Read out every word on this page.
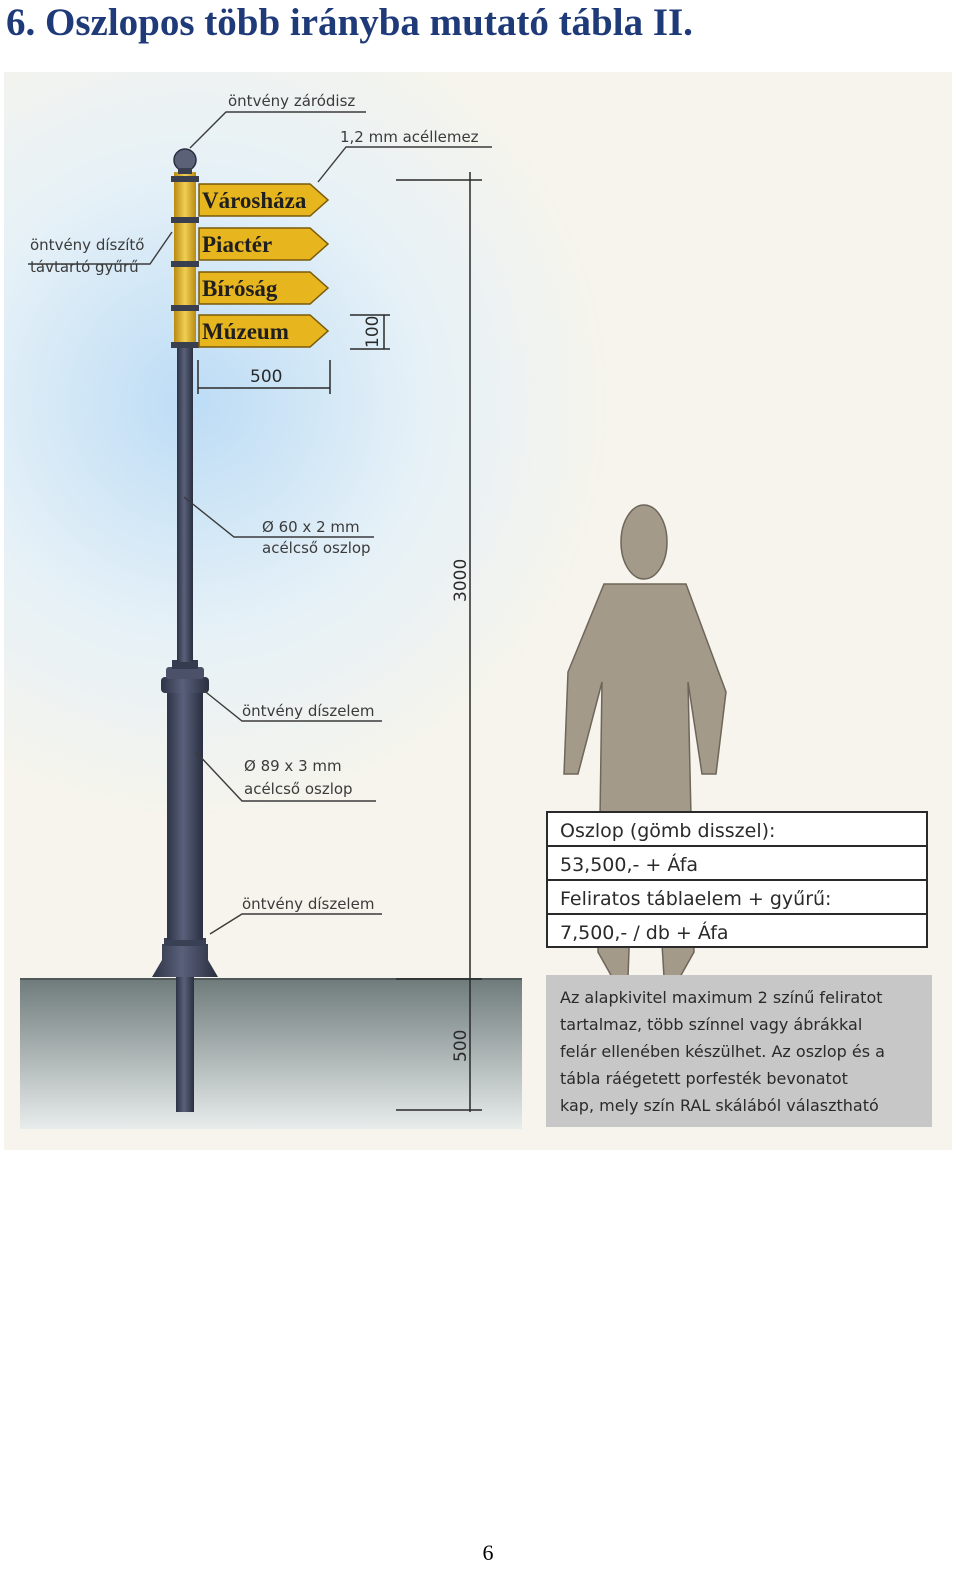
6. Oszlopos több irányba mutató tábla II.
Városháza
Piactér
Bíróság
Múzeum
öntvény záródisz
1,2 mm acéllemez
öntvény díszítő
távtartó gyűrű
Ø 60 x 2 mm
acélcső oszlop
öntvény díszelem
Ø 89 x 3 mm
acélcső oszlop
öntvény díszelem
500
100
3000
500
Oszlop (gömb disszel):
53,500,- + Áfa
Feliratos táblaelem + gyűrű:
7,500,- / db + Áfa
Az alapkivitel maximum 2 színű feliratot
tartalmaz, több színnel vagy ábrákkal
felár ellenében készülhet. Az oszlop és a
tábla ráégetett porfesték bevonatot
kap, mely szín RAL skálából választható
6
